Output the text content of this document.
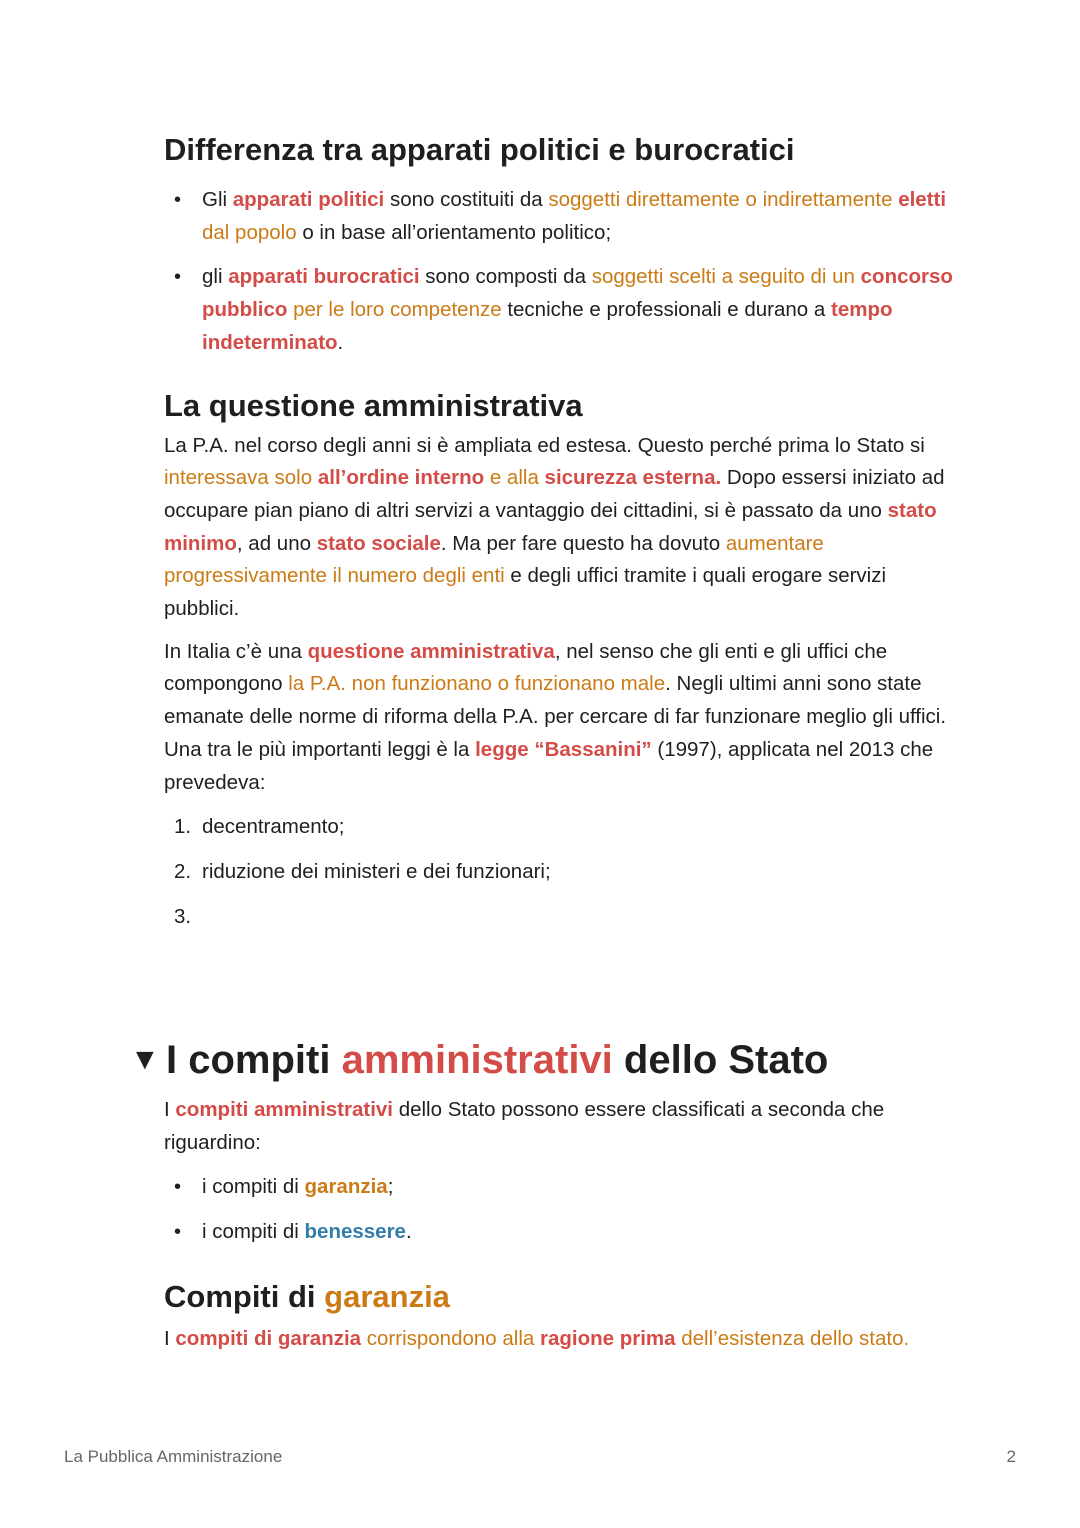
Differenza tra apparati politici e burocratici
• Gli apparati politici sono costituiti da soggetti direttamente o indirettamente eletti dal popolo o in base all’orientamento politico;
• gli apparati burocratici sono composti da soggetti scelti a seguito di un concorso pubblico per le loro competenze tecniche e professionali e durano a tempo indeterminato.
La questione amministrativa

La P.A. nel corso degli anni si è ampliata ed estesa. Questo perché prima lo Stato si interessava solo all’ordine interno e alla sicurezza esterna. Dopo essersi iniziato ad occupare pian piano di altri servizi a vantaggio dei cittadini, si è passato da uno stato minimo, ad uno stato sociale. Ma per fare questo ha dovuto aumentare progressivamente il numero degli enti e degli uffici tramite i quali erogare servizi pubblici.

In Italia c’è una questione amministrativa, nel senso che gli enti e gli uffici che compongono la P.A. non funzionano o funzionano male. Negli ultimi anni sono state emanate delle norme di riforma della P.A. per cercare di far funzionare meglio gli uffici. Una tra le più importanti leggi è la legge “Bassanini” (1997), applicata nel 2013 che prevedeva:

1. decentramento;
2. riduzione dei ministeri e dei funzionari;
3.
▼ I compiti amministrativi dello Stato

I compiti amministrativi dello Stato possono essere classificati a seconda che riguardino:

• i compiti di garanzia;
• i compiti di benessere.
Compiti di garanzia

I compiti di garanzia corrispondono alla ragione prima dell’esistenza dello stato.

La Pubblica Amministrazione	2
